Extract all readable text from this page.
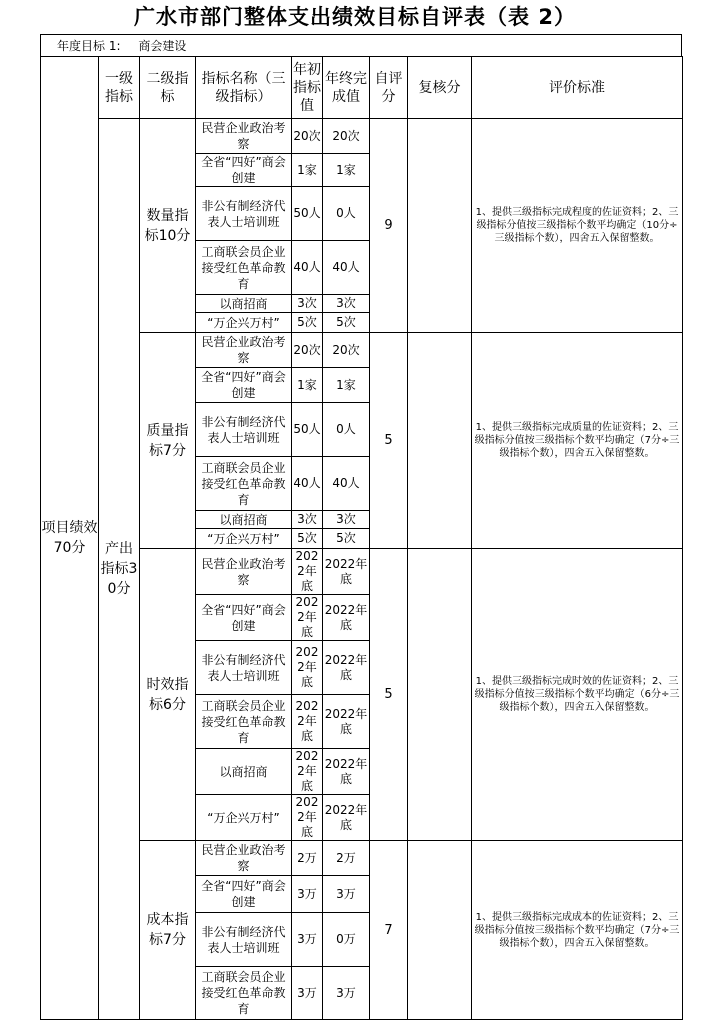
广水市部门整体支出绩效目标自评表（表 2）
年度目标 1: 商会建设
项目绩效70分	一级指标	二级指标	指标名称（三级指标）	年初指标值	年终完成值	自评分	复核分	评价标准
	产出指标30分	数量指标10分	民营企业政治考察	20次	20次	9		1、提供三级指标完成程度的佐证资料；2、三级指标分值按三级指标个数平均确定（10分÷三级指标个数），四舍五入保留整数。
			全省“四好”商会创建	1家	1家			
			非公有制经济代表人士培训班	50人	0人			
			工商联会员企业接受红色革命教育	40人	40人			
			以商招商	3次	3次			
			“万企兴万村”	5次	5次			
		质量指标7分	民营企业政治考察	20次	20次	5		1、提供三级指标完成质量的佐证资料；2、三级指标分值按三级指标个数平均确定（7分÷三级指标个数），四舍五入保留整数。
			全省“四好”商会创建	1家	1家			
			非公有制经济代表人士培训班	50人	0人			
			工商联会员企业接受红色革命教育	40人	40人			
			以商招商	3次	3次			
			“万企兴万村”	5次	5次			
		时效指标6分	民营企业政治考察	2022年底	2022年底	5		1、提供三级指标完成时效的佐证资料；2、三级指标分值按三级指标个数平均确定（6分÷三级指标个数），四舍五入保留整数。
			全省“四好”商会创建	2022年底	2022年底			
			非公有制经济代表人士培训班	2022年底	2022年底			
			工商联会员企业接受红色革命教育	2022年底	2022年底			
			以商招商	2022年底	2022年底			
			“万企兴万村”	2022年底	2022年底			
		成本指标7分	民营企业政治考察	2万	2万	7		1、提供三级指标完成成本的佐证资料；2、三级指标分值按三级指标个数平均确定（7分÷三级指标个数），四舍五入保留整数。
			全省“四好”商会创建	3万	3万			
			非公有制经济代表人士培训班	3万	0万			
			工商联会员企业接受红色革命教育	3万	3万			
